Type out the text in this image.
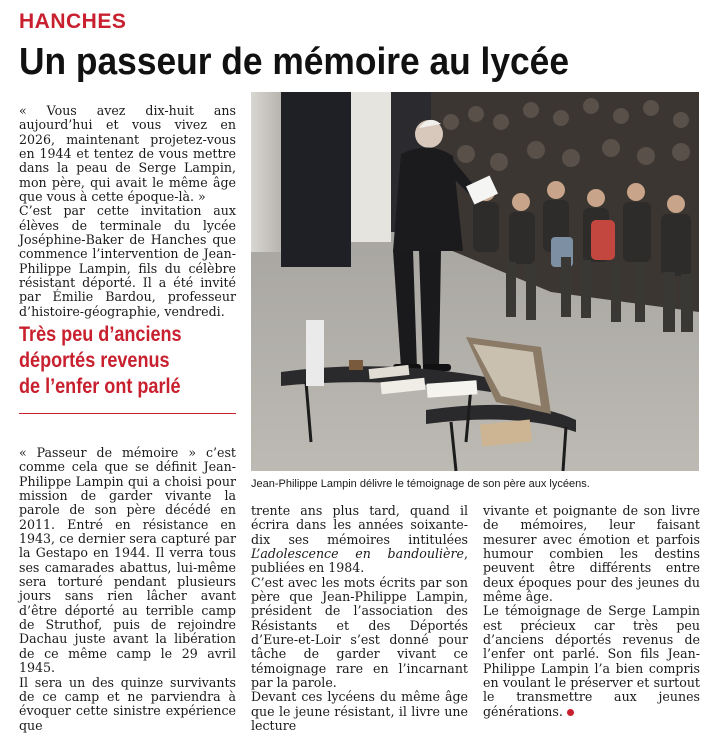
HANCHES
Un passeur de mémoire au lycée

« Vous avez dix-huit ans aujourd’hui et vous vivez en 2026, maintenant projetez-vous en 1944 et tentez de vous mettre dans la peau de Serge Lampin, mon père, qui avait le même âge que vous à cette époque-là. »

C’est par cette invitation aux élèves de terminale du lycée Joséphine-Baker de Hanches que commence l’intervention de Jean-Philippe Lampin, fils du célèbre résistant déporté. Il a été invité par Émilie Bardou, professeur d’histoire-géographie, vendredi.

Très peu d’anciens
déportés revenus
de l’enfer ont parlé

« Passeur de mémoire » c’est comme cela que se définit Jean-Philippe Lampin qui a choisi pour mission de garder vivante la parole de son père décédé en 2011. Entré en résistance en 1943, ce dernier sera capturé par la Gestapo en 1944. Il verra tous ses camarades abattus, lui-même sera torturé pendant plusieurs jours sans rien lâcher avant d’être déporté au terrible camp de Struthof, puis de rejoindre Dachau juste avant la libération de ce même camp le 29 avril 1945.

Il sera un des quinze survivants de ce camp et ne parviendra à évoquer cette sinistre expérience que

trente ans plus tard, quand il écrira dans les années soixante-dix ses mémoires intitulées L’adolescence en bandoulière, publiées en 1984.

C’est avec les mots écrits par son père que Jean-Philippe Lampin, président de l’association des Résistants et des Déportés d’Eure-et-Loir s’est donné pour tâche de garder vivant ce témoignage rare en l’incarnant par la parole.

Devant ces lycéens du même âge que le jeune résistant, il livre une lecture

vivante et poignante de son livre de mémoires, leur faisant mesurer avec émotion et parfois humour combien les destins peuvent être différents entre deux époques pour des jeunes du même âge.

Le témoignage de Serge Lampin est précieux car très peu d’anciens déportés revenus de l’enfer ont parlé. Son fils Jean-Philippe Lampin l’a bien compris en voulant le préserver et surtout le transmettre aux jeunes générations.

Jean-Philippe Lampin délivre le témoignage de son père aux lycéens.
